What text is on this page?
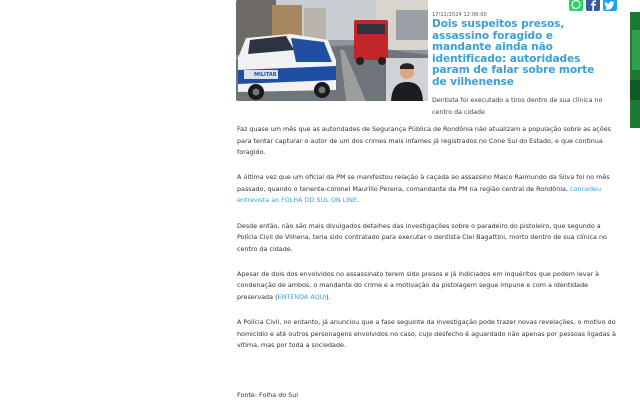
MILITAR
17/11/2024 12:08:00
Dois suspeitos presos, assassino foragido e mandante ainda não identificado: autoridades param de falar sobre morte de vilhenense

Dentista foi executado a tiros dentro de sua clínica no centro da cidade

Faz quase um mês que as autoridades de Segurança Pública de Rondônia não atualizam a população sobre as ações para tentar capturar o autor de um dos crimes mais infames já registrados no Cone Sul do Estado, e que continua foragido.

A última vez que um oficial da PM se manifestou relação à caçada ao assassino Maico Raimundo da Silva foi no mês passado, quando o tenente-coronel Maurílio Pereira, comandante da PM na região central de Rondônia, concedeu entrevista ao FOLHA DO SUL ON LINE.

Desde então, não são mais divulgados detalhes das investigações sobre o paradeiro do pistoleiro, que segundo a Polícia Civil de Vilhena, teria sido contratado para executar o dentista Clei Bagattini, morto dentro de sua clínica no centro da cidade.

Apesar de dois dos envolvidos no assassinato terem sido presos e já indiciados em inquéritos que podem levar à condenação de ambos, o mandante do crime e a motivação da pistolagem segue impune e com a identidade preservada (ENTENDA AQUI).

A Polícia Civil, no entanto, já anunciou que a fase seguinte da investigação pode trazer novas revelações, o motivo do homicídio e até outros personagens envolvidos no caso, cujo desfecho é aguardado não apenas por pessoas ligadas à vítima, mas por toda a sociedade.

Fonte: Folha do Sul
